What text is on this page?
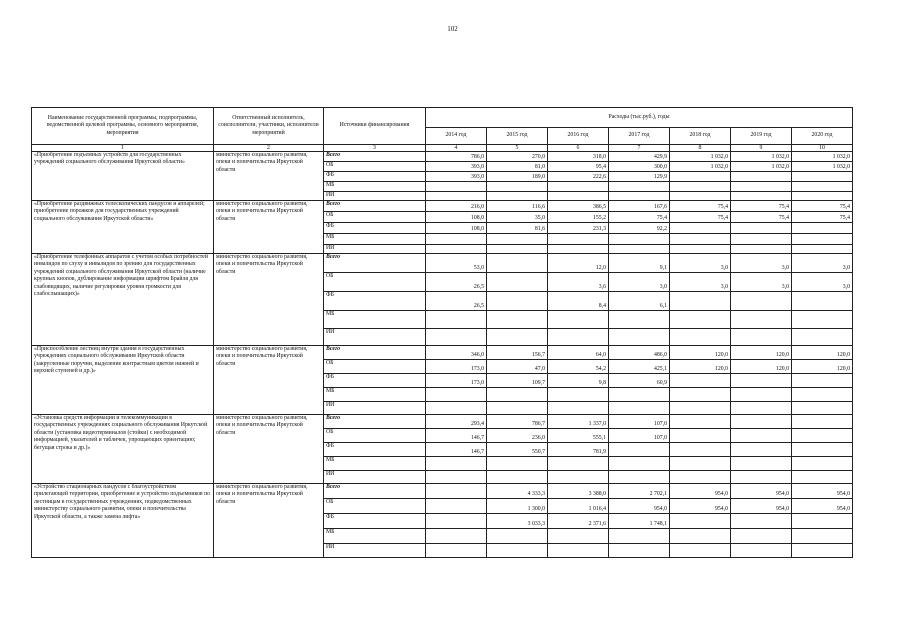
102
Наименование государственной программы, подпрограммы, ведомственной целевой программы, основного мероприятия, мероприятия	Ответственный исполнитель, соисполнители, участники, исполнители мероприятий	Источники финансирования	Расходы (тыс.руб.), годы						
			2014 год	2015 год	2016 год	2017 год	2018 год	2019 год	2020 год
1	2	3	4	5	6	7	8	9	10
«Приобретение подъемных устройств для государственных учреждений социального обслуживания Иркутской области»	министерство социального развития, опеки и попечительства Иркутской области	Всего	786,0	270,0	318,0	429,9	1 032,0	1 032,0	1 032,0
		ОБ	393,0	81,0	95,4	300,0	1 032,0	1 032,0	1 032,0
		ФБ	393,0	189,0	222,6	129,9			
		МБ							
		ИИ							
«Приобретение раздвижных телескопических пандусов и аппарелей; приобретение порожков для государственных учреждений социального обслуживания Иркутской области»	министерство социального развития, опеки и попечительства Иркутской области	Всего	216,0	116,6	386,5	167,6	75,4	75,4	75,4
		ОБ	108,0	35,0	155,2	75,4	75,4	75,4	75,4
		ФБ	108,0	81,6	231,3	92,2			
		МБ							
		ИИ							
«Приобретение телефонных аппаратов с учетом особых потребностей инвалидов по слуху и инвалидов по зрению для государственных учреждений социального обслуживания Иркутской области (наличие крупных кнопок, дублирование информации шрифтом Брайля для слабовидящих, наличие регулировки уровня громкости для слабослышащих)»	министерство социального развития, опеки и попечительства Иркутской области	Всего	53,0		12,0	9,1	3,0	3,0	3,0
		ОБ	26,5		3,6	3,0	3,0	3,0	3,0
		ФБ	26,5		8,4	6,1			
		МБ							
		ИИ							
«Приспособление лестниц внутри здания в государственных учреждениях социального обслуживания Иркутской области (закругленные поручни, выделение контрастным цветом нижней и верхней ступеней и др.)»	министерство социального развития, опеки и попечительства Иркутской области	Всего	346,0	156,7	64,0	486,0	120,0	120,0	120,0
		ОБ	173,0	47,0	54,2	425,1	120,0	120,0	120,0
		ФБ	173,0	109,7	9,8	60,9			
		МБ							
		ИИ							
«Установка средств информации и телекоммуникации в государственных учреждениях социального обслуживания Иркутской области (установка видеотерминалов (стойки) с необходимой информацией, указателей и табличек, упрощающих ориентацию; бегущая строка и др.)»	министерство социального развития, опеки и попечительства Иркутской области	Всего	293,4	786,7	1 337,0	107,0			
		ОБ	146,7	236,0	555,1	107,0			
		ФБ	146,7	550,7	781,9				
		МБ							
		ИИ							
«Устройство стационарных пандусов с благоустройством прилегающей территории, приобретение и устройство подъемников по лестницам в государственных учреждениях, подведомственных министерству социального развития, опеки и попечительства Иркутской области, а также замена лифта»	министерство социального развития, опеки и попечительства Иркутской области	Всего		4 333,3	3 388,0	2 702,1	954,0	954,0	954,0
		ОБ		1 300,0	1 016,4	954,0	954,0	954,0	954,0
		ФБ		3 033,3	2 371,6	1 748,1			
		МБ							
		ИИ							
